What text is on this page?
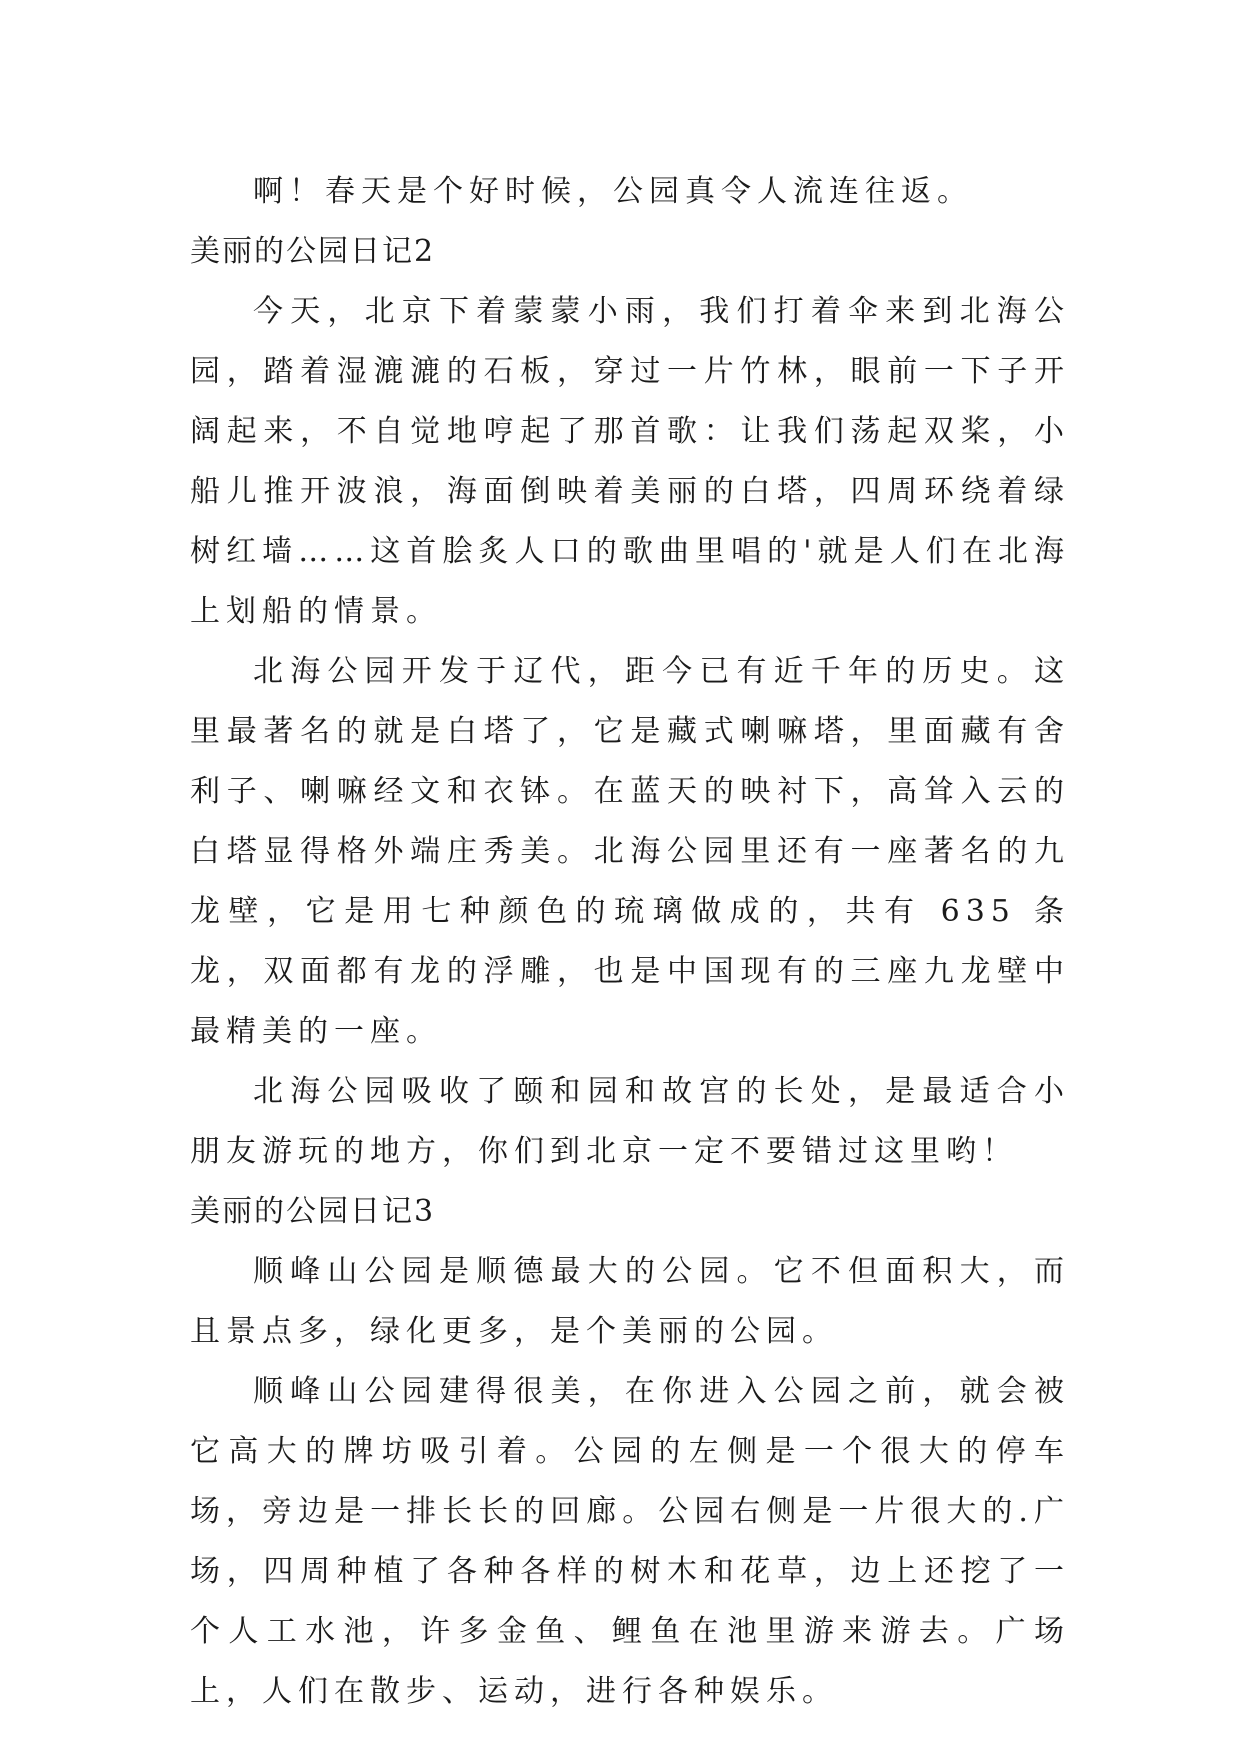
啊！春天是个好时候，公园真令人流连往返。

美丽的公园日记2

今天，北京下着蒙蒙小雨，我们打着伞来到北海公园，踏着湿漉漉的石板，穿过一片竹林，眼前一下子开阔起来，不自觉地哼起了那首歌：让我们荡起双桨，小船儿推开波浪，海面倒映着美丽的白塔，四周环绕着绿树红墙……这首脍炙人口的歌曲里唱的'就是人们在北海上划船的情景。

北海公园开发于辽代，距今已有近千年的历史。这里最著名的就是白塔了，它是藏式喇嘛塔，里面藏有舍利子、喇嘛经文和衣钵。在蓝天的映衬下，高耸入云的白塔显得格外端庄秀美。北海公园里还有一座著名的九龙壁，它是用七种颜色的琉璃做成的，共有 635 条龙，双面都有龙的浮雕，也是中国现有的三座九龙壁中最精美的一座。

北海公园吸收了颐和园和故宫的长处，是最适合小朋友游玩的地方，你们到北京一定不要错过这里哟！

美丽的公园日记3

顺峰山公园是顺德最大的公园。它不但面积大，而且景点多，绿化更多，是个美丽的公园。

顺峰山公园建得很美，在你进入公园之前，就会被它高大的牌坊吸引着。公园的左侧是一个很大的停车场，旁边是一排长长的回廊。公园右侧是一片很大的.广场，四周种植了各种各样的树木和花草，边上还挖了一个人工水池，许多金鱼、鲤鱼在池里游来游去。广场上，人们在散步、运动，进行各种娱乐。
